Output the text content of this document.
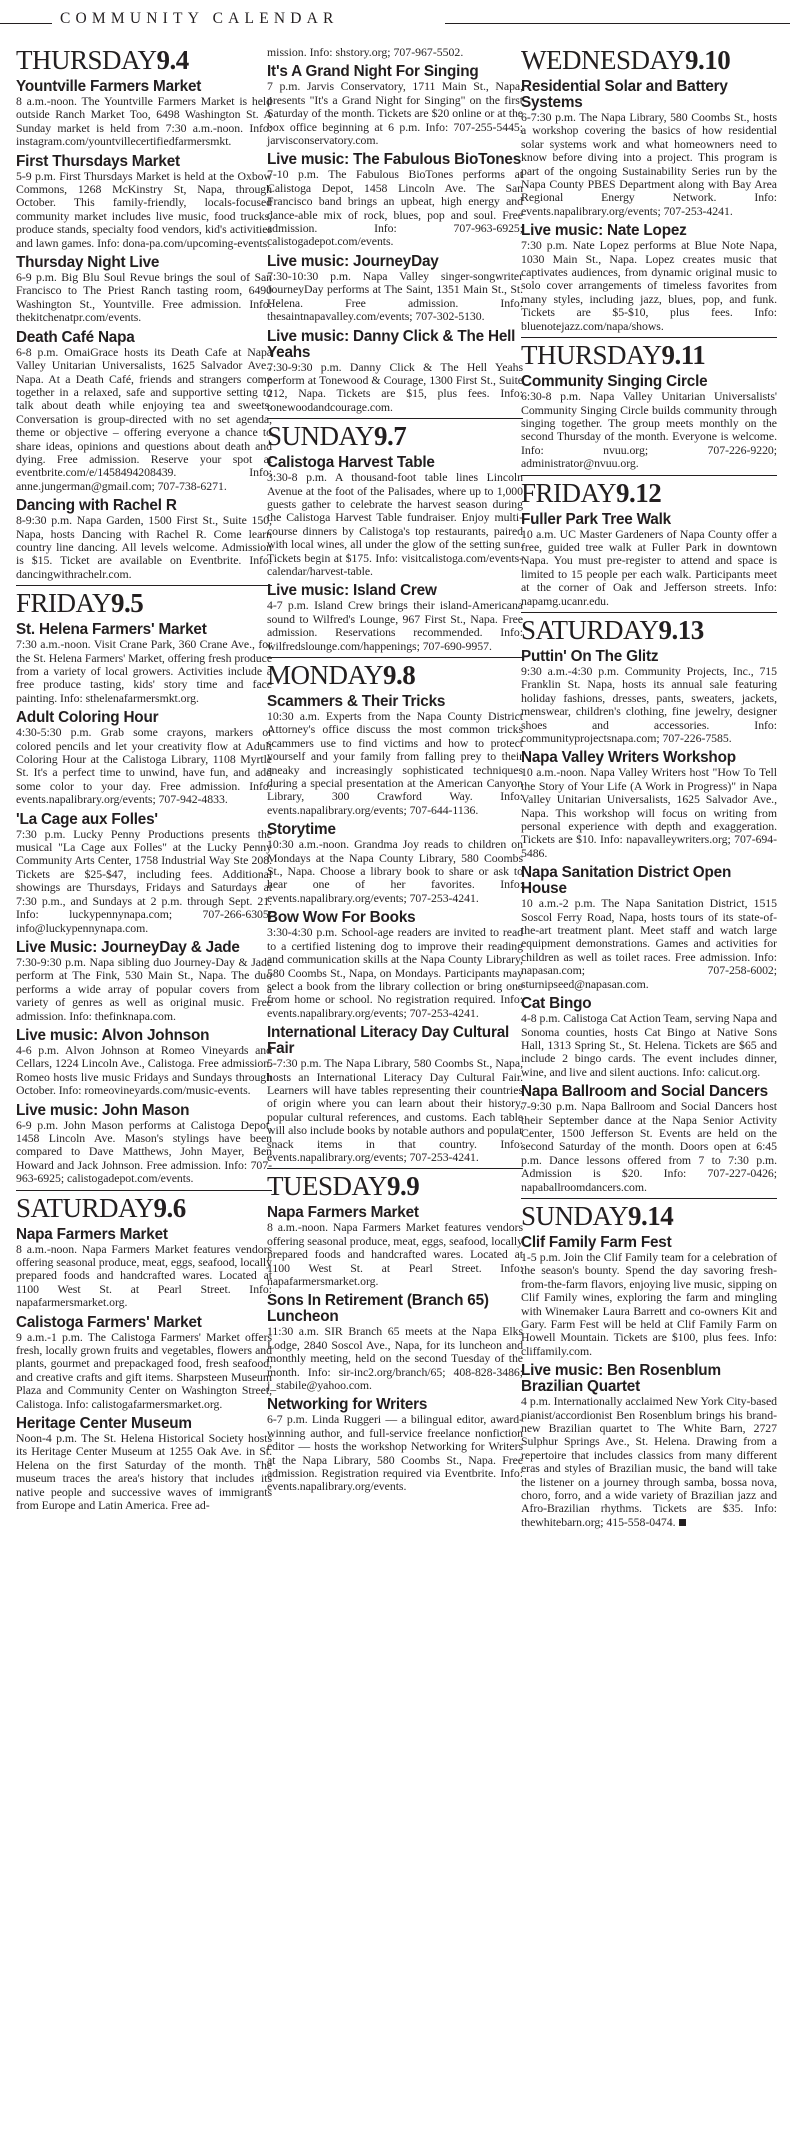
COMMUNITY CALENDAR
THURSDAY9.4
Yountville Farmers Market
8 a.m.-noon. The Yountville Farmers Market is held outside Ranch Market Too, 6498 Washington St. A Sunday market is held from 7:30 a.m.-noon. Info: instagram.com/yountvillecertifiedfarmersmkt.
First Thursdays Market
5-9 p.m. First Thursdays Market is held at the Oxbow Commons, 1268 McKinstry St, Napa, through October. This family-friendly, locals-focused community market includes live music, food trucks, produce stands, specialty food vendors, kid's activities and lawn games. Info: dona-pa.com/upcoming-events.
Thursday Night Live
6-9 p.m. Big Blu Soul Revue brings the soul of San Francisco to The Priest Ranch tasting room, 6490 Washington St., Yountville. Free admission. Info: thekitchenatpr.com/events.
Death Café Napa
6-8 p.m. OmaiGrace hosts its Death Cafe at Napa Valley Unitarian Universalists, 1625 Salvador Ave., Napa. At a Death Café, friends and strangers come together in a relaxed, safe and supportive setting to talk about death while enjoying tea and sweets. Conversation is group-directed with no set agenda, theme or objective – offering everyone a chance to share ideas, opinions and questions about death and dying. Free admission. Reserve your spot at eventbrite.com/e/1458494208439. Info: anne.jungerman@gmail.com; 707-738-6271.
Dancing with Rachel R
8-9:30 p.m. Napa Garden, 1500 First St., Suite 150, Napa, hosts Dancing with Rachel R. Come learn country line dancing. All levels welcome. Admission is $15. Ticket are available on Eventbrite. Info: dancingwithrachelr.com.
FRIDAY9.5
St. Helena Farmers' Market
7:30 a.m.-noon. Visit Crane Park, 360 Crane Ave., for the St. Helena Farmers' Market, offering fresh produce from a variety of local growers. Activities include a free produce tasting, kids' story time and face painting. Info: sthelenafarmersmkt.org.
Adult Coloring Hour
4:30-5:30 p.m. Grab some crayons, markers or colored pencils and let your creativity flow at Adult Coloring Hour at the Calistoga Library, 1108 Myrtle St. It's a perfect time to unwind, have fun, and add some color to your day. Free admission. Info: events.napalibrary.org/events; 707-942-4833.
'La Cage aux Folles'
7:30 p.m. Lucky Penny Productions presents the musical "La Cage aux Folles" at the Lucky Penny Community Arts Center, 1758 Industrial Way Ste 208. Tickets are $25-$47, including fees. Additional showings are Thursdays, Fridays and Saturdays at 7:30 p.m., and Sundays at 2 p.m. through Sept. 21. Info: luckypennynapa.com; 707-266-6305; info@luckypennynapa.com.
Live Music: JourneyDay & Jade
7:30-9:30 p.m. Napa sibling duo Journey-Day & Jade perform at The Fink, 530 Main St., Napa. The duo performs a wide array of popular covers from a variety of genres as well as original music. Free admission. Info: thefinknapa.com.
Live music: Alvon Johnson
4-6 p.m. Alvon Johnson at Romeo Vineyards and Cellars, 1224 Lincoln Ave., Calistoga. Free admission. Romeo hosts live music Fridays and Sundays through October. Info: romeovineyards.com/music-events.
Live music: John Mason
6-9 p.m. John Mason performs at Calistoga Depot, 1458 Lincoln Ave. Mason's stylings have been compared to Dave Matthews, John Mayer, Ben Howard and Jack Johnson. Free admission. Info: 707-963-6925; calistogadepot.com/events.
SATURDAY9.6
Napa Farmers Market
8 a.m.-noon. Napa Farmers Market features vendors offering seasonal produce, meat, eggs, seafood, locally prepared foods and handcrafted wares. Located at 1100 West St. at Pearl Street. Info: napafarmersmarket.org.
Calistoga Farmers' Market
9 a.m.-1 p.m. The Calistoga Farmers' Market offers fresh, locally grown fruits and vegetables, flowers and plants, gourmet and prepackaged food, fresh seafood, and creative crafts and gift items. Sharpsteen Museum Plaza and Community Center on Washington Street, Calistoga. Info: calistogafarmersmarket.org.
Heritage Center Museum
Noon-4 p.m. The St. Helena Historical Society hosts its Heritage Center Museum at 1255 Oak Ave. in St. Helena on the first Saturday of the month. The museum traces the area's history that includes its native people and successive waves of immigrants from Europe and Latin America. Free ad-
mission. Info: shstory.org; 707-967-5502.
It's A Grand Night For Singing
7 p.m. Jarvis Conservatory, 1711 Main St., Napa, presents "It's a Grand Night for Singing" on the first Saturday of the month. Tickets are $20 online or at the box office beginning at 6 p.m. Info: 707-255-5445; jarvisconservatory.com.
Live music: The Fabulous BioTones
7-10 p.m. The Fabulous BioTones performs at Calistoga Depot, 1458 Lincoln Ave. The San Francisco band brings an upbeat, high energy and dance-able mix of rock, blues, pop and soul. Free admission. Info: 707-963-6925; calistogadepot.com/events.
Live music: JourneyDay
7:30-10:30 p.m. Napa Valley singer-songwriter JourneyDay performs at The Saint, 1351 Main St., St. Helena. Free admission. Info: thesaintnapavalley.com/events; 707-302-5130.
Live music: Danny Click & The Hell Yeahs
7:30-9:30 p.m. Danny Click & The Hell Yeahs perform at Tonewood & Courage, 1300 First St., Suite 212, Napa. Tickets are $15, plus fees. Info: tonewoodandcourage.com.
SUNDAY9.7
Calistoga Harvest Table
3:30-8 p.m. A thousand-foot table lines Lincoln Avenue at the foot of the Palisades, where up to 1,000 guests gather to celebrate the harvest season during the Calistoga Harvest Table fundraiser. Enjoy multi-course dinners by Calistoga's top restaurants, paired with local wines, all under the glow of the setting sun. Tickets begin at $175. Info: visitcalistoga.com/events-calendar/harvest-table.
Live music: Island Crew
4-7 p.m. Island Crew brings their island-Americana sound to Wilfred's Lounge, 967 First St., Napa. Free admission. Reservations recommended. Info: wilfredslounge.com/happenings; 707-690-9957.
MONDAY9.8
Scammers & Their Tricks
10:30 a.m. Experts from the Napa County District Attorney's office discuss the most common tricks scammers use to find victims and how to protect yourself and your family from falling prey to their sneaky and increasingly sophisticated techniques during a special presentation at the American Canyon Library, 300 Crawford Way. Info: events.napalibrary.org/events; 707-644-1136.
Storytime
10:30 a.m.-noon. Grandma Joy reads to children on Mondays at the Napa County Library, 580 Coombs St., Napa. Choose a library book to share or ask to hear one of her favorites. Info: events.napalibrary.org/events; 707-253-4241.
Bow Wow For Books
3:30-4:30 p.m. School-age readers are invited to read to a certified listening dog to improve their reading and communication skills at the Napa County Library, 580 Coombs St., Napa, on Mondays. Participants may select a book from the library collection or bring one from home or school. No registration required. Info: events.napalibrary.org/events; 707-253-4241.
International Literacy Day Cultural Fair
5-7:30 p.m. The Napa Library, 580 Coombs St., Napa, hosts an International Literacy Day Cultural Fair. Learners will have tables representing their countries of origin where you can learn about their history, popular cultural references, and customs. Each table will also include books by notable authors and popular snack items in that country. Info: events.napalibrary.org/events; 707-253-4241.
TUESDAY9.9
Napa Farmers Market
8 a.m.-noon. Napa Farmers Market features vendors offering seasonal produce, meat, eggs, seafood, locally prepared foods and handcrafted wares. Located at 1100 West St. at Pearl Street. Info: napafarmersmarket.org.
Sons In Retirement (Branch 65) Luncheon
11:30 a.m. SIR Branch 65 meets at the Napa Elks Lodge, 2840 Soscol Ave., Napa, for its luncheon and monthly meeting, held on the second Tuesday of the month. Info: sir-inc2.org/branch/65; 408-828-3486; j_stabile@yahoo.com.
Networking for Writers
6-7 p.m. Linda Ruggeri — a bilingual editor, award-winning author, and full-service freelance nonfiction editor — hosts the workshop Networking for Writers at the Napa Library, 580 Coombs St., Napa. Free admission. Registration required via Eventbrite. Info: events.napalibrary.org/events.
WEDNESDAY9.10
Residential Solar and Battery Systems
6-7:30 p.m. The Napa Library, 580 Coombs St., hosts a workshop covering the basics of how residential solar systems work and what homeowners need to know before diving into a project. This program is part of the ongoing Sustainability Series run by the Napa County PBES Department along with Bay Area Regional Energy Network. Info: events.napalibrary.org/events; 707-253-4241.
Live music: Nate Lopez
7:30 p.m. Nate Lopez performs at Blue Note Napa, 1030 Main St., Napa. Lopez creates music that captivates audiences, from dynamic original music to solo cover arrangements of timeless favorites from many styles, including jazz, blues, pop, and funk. Tickets are $5-$10, plus fees. Info: bluenotejazz.com/napa/shows.
THURSDAY9.11
Community Singing Circle
6:30-8 p.m. Napa Valley Unitarian Universalists' Community Singing Circle builds community through singing together. The group meets monthly on the second Thursday of the month. Everyone is welcome. Info: nvuu.org; 707-226-9220; administrator@nvuu.org.
FRIDAY9.12
Fuller Park Tree Walk
10 a.m. UC Master Gardeners of Napa County offer a free, guided tree walk at Fuller Park in downtown Napa. You must pre-register to attend and space is limited to 15 people per each walk. Participants meet at the corner of Oak and Jefferson streets. Info: napamg.ucanr.edu.
SATURDAY9.13
Puttin' On The Glitz
9:30 a.m.-4:30 p.m. Community Projects, Inc., 715 Franklin St. Napa, hosts its annual sale featuring holiday fashions, dresses, pants, sweaters, jackets, menswear, children's clothing, fine jewelry, designer shoes and accessories. Info: communityprojectsnapa.com; 707-226-7585.
Napa Valley Writers Workshop
10 a.m.-noon. Napa Valley Writers host "How To Tell the Story of Your Life (A Work in Progress)" in Napa Valley Unitarian Universalists, 1625 Salvador Ave., Napa. This workshop will focus on writing from personal experience with depth and exaggeration. Tickets are $10. Info: napavalleywriters.org; 707-694-5486.
Napa Sanitation District Open House
10 a.m.-2 p.m. The Napa Sanitation District, 1515 Soscol Ferry Road, Napa, hosts tours of its state-of-the-art treatment plant. Meet staff and watch large equipment demonstrations. Games and activities for children as well as toilet races. Free admission. Info: napasan.com; 707-258-6002; sturnipseed@napasan.com.
Cat Bingo
4-8 p.m. Calistoga Cat Action Team, serving Napa and Sonoma counties, hosts Cat Bingo at Native Sons Hall, 1313 Spring St., St. Helena. Tickets are $65 and include 2 bingo cards. The event includes dinner, wine, and live and silent auctions. Info: calicut.org.
Napa Ballroom and Social Dancers
7-9:30 p.m. Napa Ballroom and Social Dancers host their September dance at the Napa Senior Activity Center, 1500 Jefferson St. Events are held on the second Saturday of the month. Doors open at 6:45 p.m. Dance lessons offered from 7 to 7:30 p.m. Admission is $20. Info: 707-227-0426; napaballroomdancers.com.
SUNDAY9.14
Clif Family Farm Fest
1-5 p.m. Join the Clif Family team for a celebration of the season's bounty. Spend the day savoring fresh-from-the-farm flavors, enjoying live music, sipping on Clif Family wines, exploring the farm and mingling with Winemaker Laura Barrett and co-owners Kit and Gary. Farm Fest will be held at Clif Family Farm on Howell Mountain. Tickets are $100, plus fees. Info: cliffamily.com.
Live music: Ben Rosenblum Brazilian Quartet
4 p.m. Internationally acclaimed New York City-based pianist/accordionist Ben Rosenblum brings his brand-new Brazilian quartet to The White Barn, 2727 Sulphur Springs Ave., St. Helena. Drawing from a repertoire that includes classics from many different eras and styles of Brazilian music, the band will take the listener on a journey through samba, bossa nova, choro, forro, and a wide variety of Brazilian jazz and Afro-Brazilian rhythms. Tickets are $35. Info: thewhitebarn.org; 415-558-0474.
